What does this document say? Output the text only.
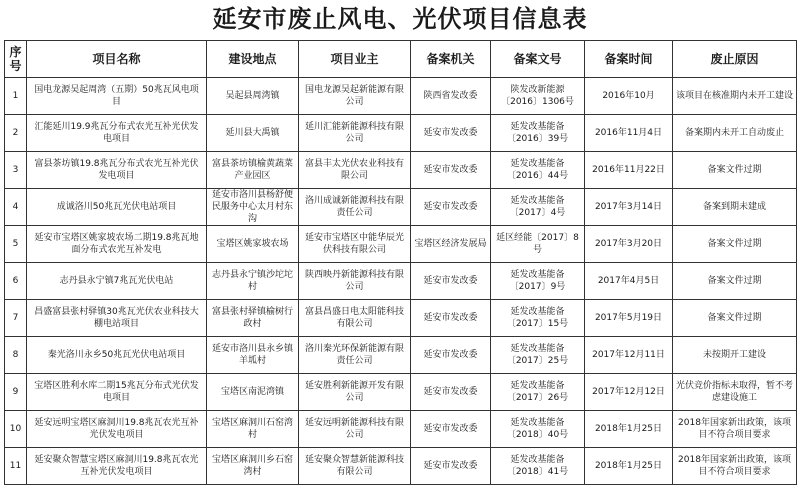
延安市废止风电、光伏项目信息表
序号	项目名称	建设地点	项目业主	备案机关	备案文号	备案时间	废止原因
1	国电龙源吴起周湾（五期）50兆瓦风电项目	吴起县周湾镇	国电龙源吴起新能源有限公司	陕西省发改委	陕发改新能源〔2016〕1306号	2016年10月	该项目在核准期内未开工建设
2	汇能延川19.9兆瓦分布式农光互补光伏发电项目	延川县大禹镇	延川汇能新能源科技有限公司	延安市发改委	延发改基能备〔2016〕39号	2016年11月4日	备案期内未开工自动废止
3	富县茶坊镇19.8兆瓦分布式农光互补光伏发电项目	富县茶坊镇榆黄蔬菜产业园区	富县丰太光伏农业科技有限公司	延安市发改委	延发改基能备〔2016〕44号	2016年11月22日	备案文件过期
4	成诚洛川50兆瓦光伏电站项目	延安市洛川县杨舒便民服务中心太月村东沟	洛川成诚新能源科技有限责任公司	延安市发改委	延发改基能备〔2017〕4号	2017年3月14日	备案到期未建成
5	延安市宝塔区姚家坡农场二期19.8兆瓦地面分布式农光互补发电	宝塔区姚家坡农场	延安市宝塔区中能华辰光伏科技有限公司	宝塔区经济发展局	延区经能〔2017〕8号	2017年3月20日	备案文件过期
6	志丹县永宁镇7兆瓦光伏电站	志丹县永宁镇沙坨坨村	陕西映丹新能源科技有限公司	延安市发改委	延发改基能备〔2017〕9号	2017年4月5日	备案文件过期
7	昌盛富县张村驿镇30兆瓦光伏农业科技大棚电站项目	富县张村驿镇榆树行政村	富县昌盛日电太阳能科技有限公司	延安市发改委	延发改基能备〔2017〕15号	2017年5月19日	备案文件过期
8	秦光洛川永乡50兆瓦光伏电站项目	延安市洛川县永乡镇羊坬村	洛川秦光环保新能源有限责任公司	延安市发改委	延发改基能备〔2017〕25号	2017年12月11日	未按期开工建设
9	宝塔区胜利水库二期15兆瓦分布式光伏发电项目	宝塔区南泥湾镇	延安胜利新能源开发有限公司	延安市发改委	延发改基能备〔2017〕26号	2017年12月12日	光伏竞价指标未取得，暂不考虑建设施工
10	延安远明宝塔区麻洞川19.8兆瓦农光互补光伏发电项目	宝塔区麻洞川石窑湾村	延安远明新能源科技有限公司	延安市发改委	延发改基能备〔2018〕40号	2018年1月25日	2018年国家新出政策，该项目不符合项目要求
11	延安聚众智慧宝塔区麻洞川19.8兆瓦农光互补光伏发电项目	宝塔区麻洞川乡石窑湾村	延安聚众智慧新能源科技有限公司	延安市发改委	延发改基能备〔2018〕41号	2018年1月25日	2018年国家新出政策，该项目不符合项目要求
